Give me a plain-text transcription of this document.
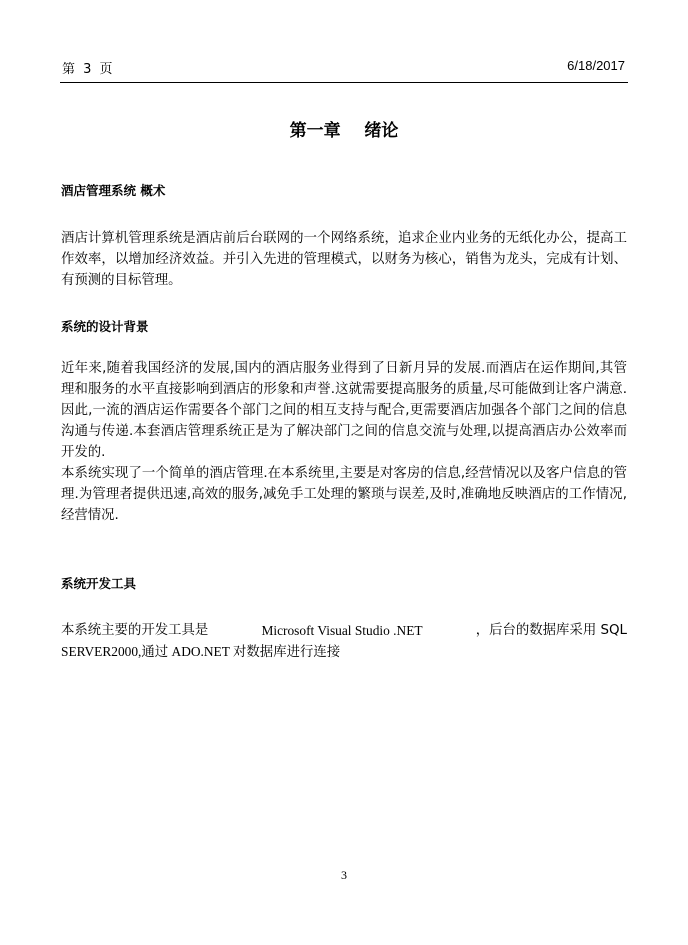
第 3 页	6/18/2017
第一章    绪论
酒店管理系统 概术

酒店计算机管理系统是酒店前后台联网的一个网络系统，追求企业内业务的无纸化办公，提高工作效率，以增加经济效益。并引入先进的管理模式，以财务为核心，销售为龙头，完成有计划、有预测的目标管理。

系统的设计背景

近年来,随着我国经济的发展,国内的酒店服务业得到了日新月异的发展.而酒店在运作期间,其管理和服务的水平直接影响到酒店的形象和声誉.这就需要提高服务的质量,尽可能做到让客户满意. 因此,一流的酒店运作需要各个部门之间的相互支持与配合,更需要酒店加强各个部门之间的信息沟通与传递.本套酒店管理系统正是为了解决部门之间的信息交流与处理,以提高酒店办公效率而开发的.

本系统实现了一个简单的酒店管理.在本系统里,主要是对客房的信息,经营情况以及客户信息的管理.为管理者提供迅速,高效的服务,减免手工处理的繁琐与误差,及时,准确地反映酒店的工作情况,经营情况.

系统开发工具
本系统主要的开发工具是	Microsoft Visual Studio .NET	，后台的数据库采用 SQL
SERVER2000,通过 ADO.NET 对数据库进行连接
3
